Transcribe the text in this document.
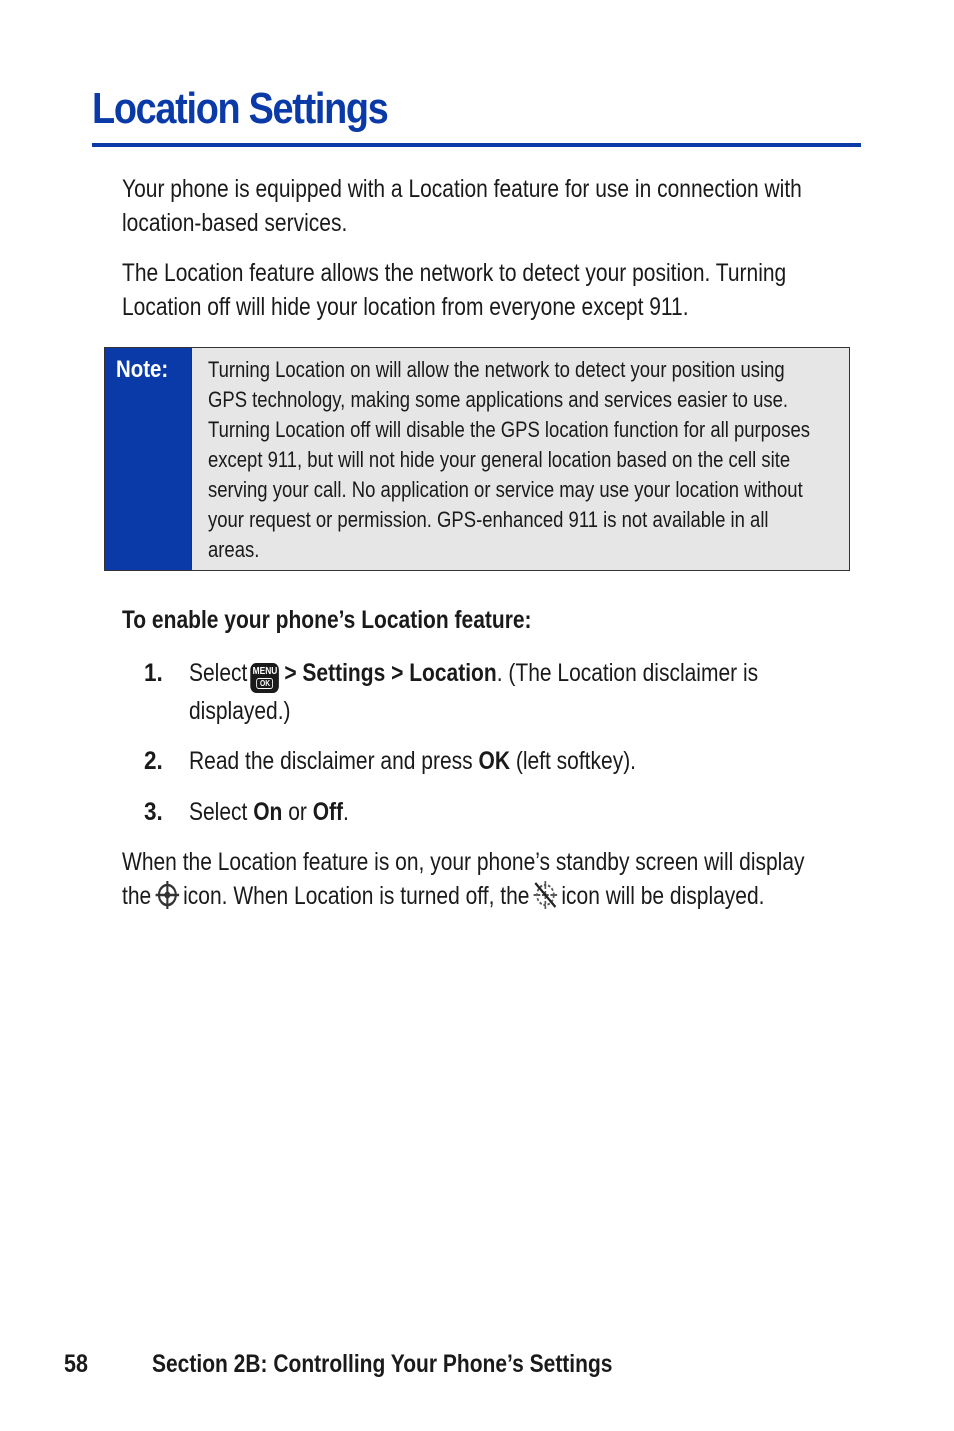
Location Settings
Your phone is equipped with a Location feature for use in connection with
location-based services.
The Location feature allows the network to detect your position. Turning
Location off will hide your location from everyone except 911.
Note: Turning Location on will allow the network to detect your position using
GPS technology, making some applications and services easier to use.
Turning Location off will disable the GPS location function for all purposes
except 911, but will not hide your general location based on the cell site
serving your call. No application or service may use your location without
your request or permission. GPS-enhanced 911 is not available in all
areas.
To enable your phone’s Location feature:
1. Select MENU
OK > Settings > Location. (The Location disclaimer is
displayed.)
2. Read the disclaimer and press OK (left softkey).
3. Select On or Off.
When the Location feature is on, your phone’s standby screen will display
the icon. When Location is turned off, the icon will be displayed.
58	Section 2B: Controlling Your Phone’s Settings
